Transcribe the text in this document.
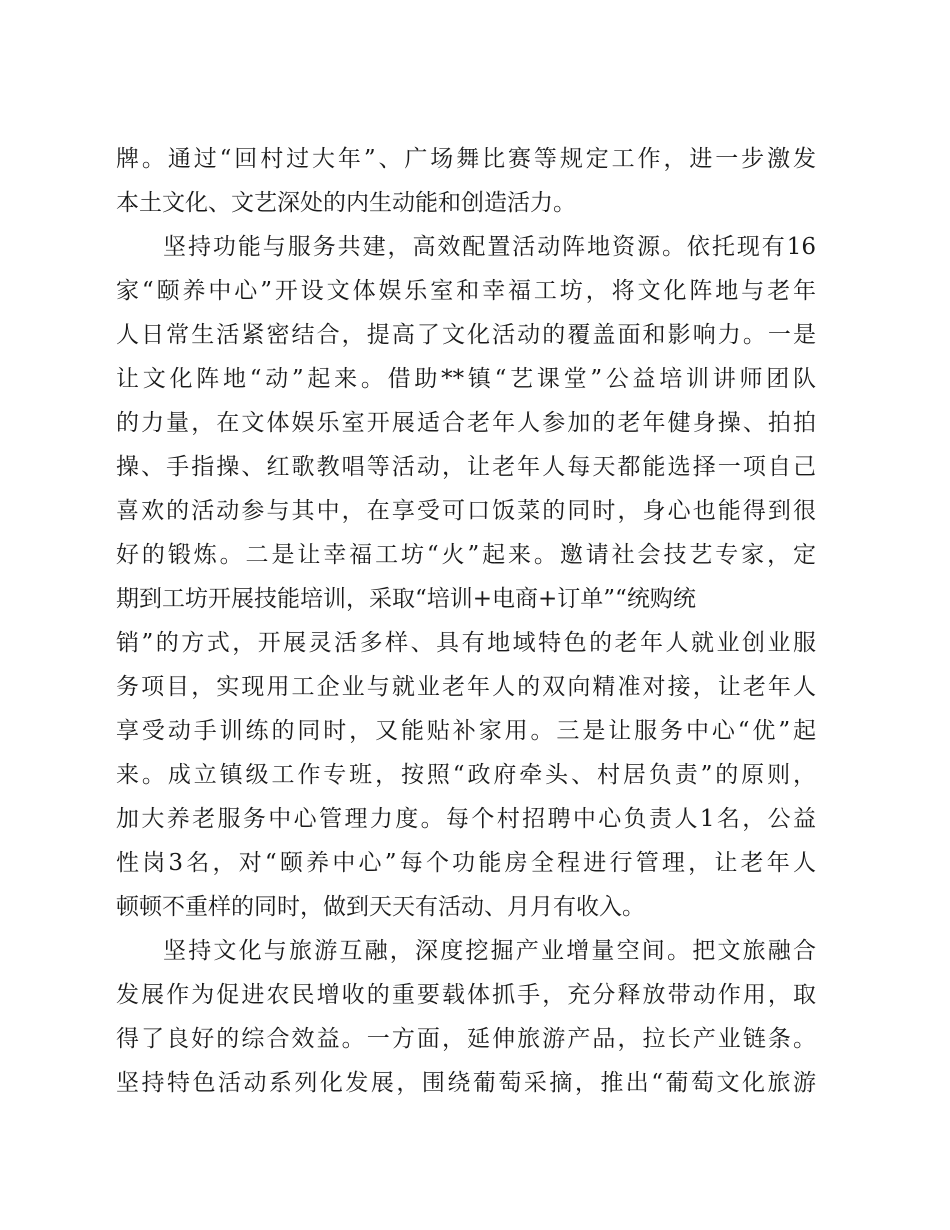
牌。通过“回村过大年”、广场舞比赛等规定工作，进一步激发
本土文化、文艺深处的内生动能和创造活力。
坚持功能与服务共建，高效配置活动阵地资源。依托现有16
家“颐养中心”开设文体娱乐室和幸福工坊，将文化阵地与老年
人日常生活紧密结合，提高了文化活动的覆盖面和影响力。一是
让文化阵地“动”起来。借助**镇“艺课堂”公益培训讲师团队
的力量，在文体娱乐室开展适合老年人参加的老年健身操、拍拍
操、手指操、红歌教唱等活动，让老年人每天都能选择一项自己
喜欢的活动参与其中，在享受可口饭菜的同时，身心也能得到很
好的锻炼。二是让幸福工坊“火”起来。邀请社会技艺专家，定
期到工坊开展技能培训，采取“培训+电商+订单”“统购统
销”的方式，开展灵活多样、具有地域特色的老年人就业创业服
务项目，实现用工企业与就业老年人的双向精准对接，让老年人
享受动手训练的同时，又能贴补家用。三是让服务中心“优”起
来。成立镇级工作专班，按照“政府牵头、村居负责”的原则，
加大养老服务中心管理力度。每个村招聘中心负责人1名，公益
性岗3名，对“颐养中心”每个功能房全程进行管理，让老年人
顿顿不重样的同时，做到天天有活动、月月有收入。
坚持文化与旅游互融，深度挖掘产业增量空间。把文旅融合
发展作为促进农民增收的重要载体抓手，充分释放带动作用，取
得了良好的综合效益。一方面，延伸旅游产品，拉长产业链条。
坚持特色活动系列化发展，围绕葡萄采摘，推出“葡萄文化旅游
